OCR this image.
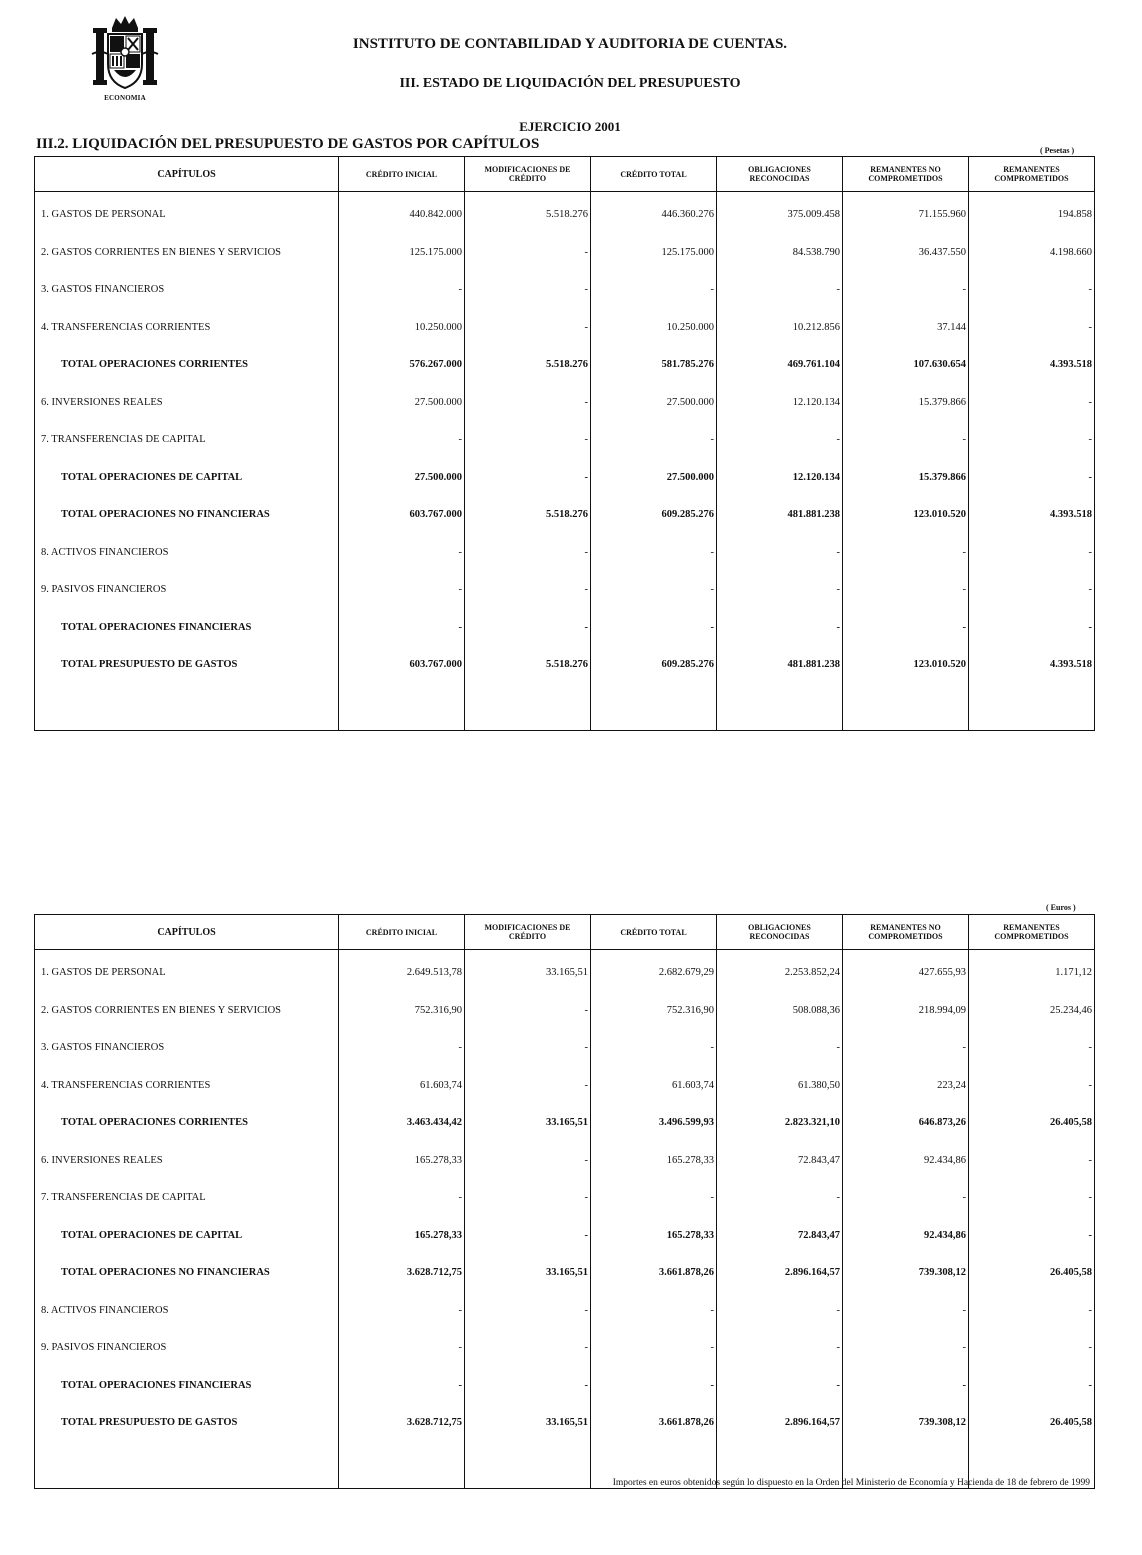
ECONOMIA
INSTITUTO DE CONTABILIDAD Y AUDITORIA DE CUENTAS.
III. ESTADO DE LIQUIDACIÓN DEL PRESUPUESTO
EJERCICIO 2001
III.2. LIQUIDACIÓN DEL PRESUPUESTO DE GASTOS POR CAPÍTULOS	( Pesetas )
CAPÍTULOS	CRÉDITO INICIAL	MODIFICACIONES DE CRÉDITO	CRÉDITO TOTAL	OBLIGACIONES RECONOCIDAS	REMANENTES NO COMPROMETIDOS	REMANENTES COMPROMETIDOS
1. GASTOS DE PERSONAL	440.842.000	5.518.276	446.360.276	375.009.458	71.155.960	194.858
2. GASTOS CORRIENTES EN BIENES Y SERVICIOS	125.175.000	-	125.175.000	84.538.790	36.437.550	4.198.660
3. GASTOS FINANCIEROS	-	-	-	-	-	-
4. TRANSFERENCIAS CORRIENTES	10.250.000	-	10.250.000	10.212.856	37.144	-
TOTAL OPERACIONES CORRIENTES	576.267.000	5.518.276	581.785.276	469.761.104	107.630.654	4.393.518
6. INVERSIONES REALES	27.500.000	-	27.500.000	12.120.134	15.379.866	-
7. TRANSFERENCIAS DE CAPITAL	-	-	-	-	-	-
TOTAL OPERACIONES DE CAPITAL	27.500.000	-	27.500.000	12.120.134	15.379.866	-
TOTAL OPERACIONES NO FINANCIERAS	603.767.000	5.518.276	609.285.276	481.881.238	123.010.520	4.393.518
8. ACTIVOS FINANCIEROS	-	-	-	-	-	-
9. PASIVOS FINANCIEROS	-	-	-	-	-	-
TOTAL OPERACIONES FINANCIERAS	-	-	-	-	-	-
TOTAL PRESUPUESTO DE GASTOS	603.767.000	5.518.276	609.285.276	481.881.238	123.010.520	4.393.518

( Euros )
CAPÍTULOS	CRÉDITO INICIAL	MODIFICACIONES DE CRÉDITO	CRÉDITO TOTAL	OBLIGACIONES RECONOCIDAS	REMANENTES NO COMPROMETIDOS	REMANENTES COMPROMETIDOS
1. GASTOS DE PERSONAL	2.649.513,78	33.165,51	2.682.679,29	2.253.852,24	427.655,93	1.171,12
2. GASTOS CORRIENTES EN BIENES Y SERVICIOS	752.316,90	-	752.316,90	508.088,36	218.994,09	25.234,46
3. GASTOS FINANCIEROS	-	-	-	-	-	-
4. TRANSFERENCIAS CORRIENTES	61.603,74	-	61.603,74	61.380,50	223,24	-
TOTAL OPERACIONES CORRIENTES	3.463.434,42	33.165,51	3.496.599,93	2.823.321,10	646.873,26	26.405,58
6. INVERSIONES REALES	165.278,33	-	165.278,33	72.843,47	92.434,86	-
7. TRANSFERENCIAS DE CAPITAL	-	-	-	-	-	-
TOTAL OPERACIONES DE CAPITAL	165.278,33	-	165.278,33	72.843,47	92.434,86	-
TOTAL OPERACIONES NO FINANCIERAS	3.628.712,75	33.165,51	3.661.878,26	2.896.164,57	739.308,12	26.405,58
8. ACTIVOS FINANCIEROS	-	-	-	-	-	-
9. PASIVOS FINANCIEROS	-	-	-	-	-	-
TOTAL OPERACIONES FINANCIERAS	-	-	-	-	-	-
TOTAL PRESUPUESTO DE GASTOS	3.628.712,75	33.165,51	3.661.878,26	2.896.164,57	739.308,12	26.405,58

Importes en euros obtenidos según lo dispuesto en la Orden del Ministerio de Economía y Hacienda de 18 de febrero de 1999
